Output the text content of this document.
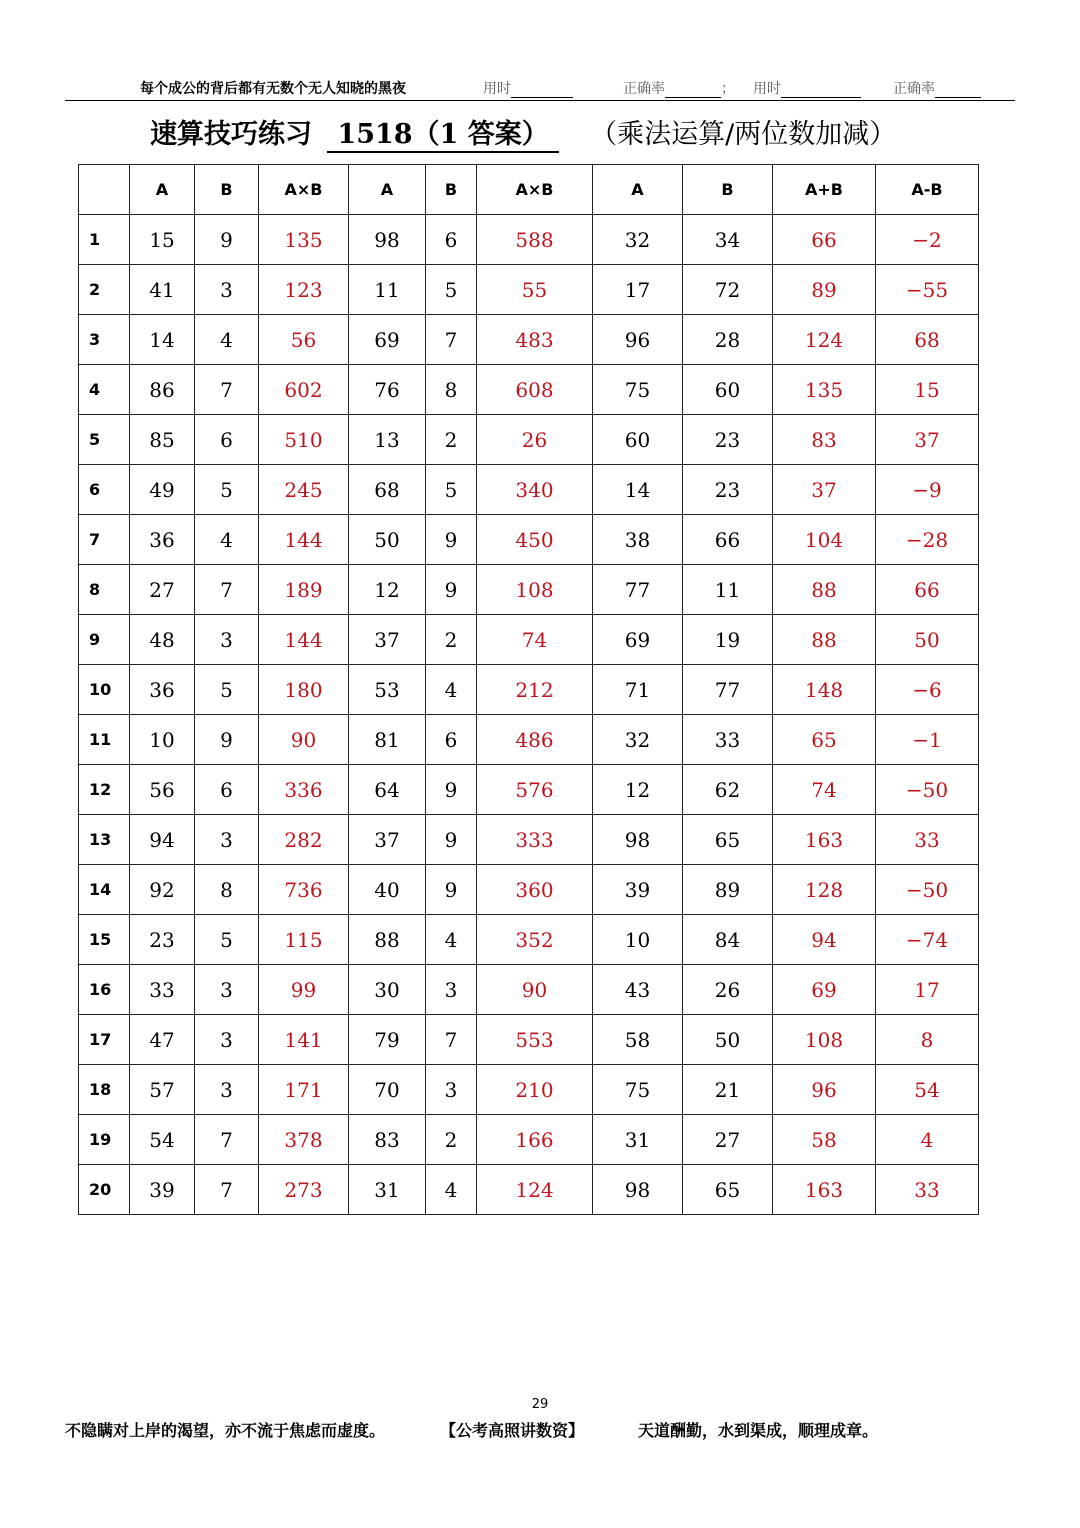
每个成公的背后都有无数个无人知晓的黑夜	用时	正确率	； 用时	正确率
速算技巧练习 1518（1 答案） （乘法运算/两位数加减）
	A	B	A×B	A	B	A×B	A	B	A+B	A-B
1	15	9	135	98	6	588	32	34	66	−2
2	41	3	123	11	5	55	17	72	89	−55
3	14	4	56	69	7	483	96	28	124	68
4	86	7	602	76	8	608	75	60	135	15
5	85	6	510	13	2	26	60	23	83	37
6	49	5	245	68	5	340	14	23	37	−9
7	36	4	144	50	9	450	38	66	104	−28
8	27	7	189	12	9	108	77	11	88	66
9	48	3	144	37	2	74	69	19	88	50
10	36	5	180	53	4	212	71	77	148	−6
11	10	9	90	81	6	486	32	33	65	−1
12	56	6	336	64	9	576	12	62	74	−50
13	94	3	282	37	9	333	98	65	163	33
14	92	8	736	40	9	360	39	89	128	−50
15	23	5	115	88	4	352	10	84	94	−74
16	33	3	99	30	3	90	43	26	69	17
17	47	3	141	79	7	553	58	50	108	8
18	57	3	171	70	3	210	75	21	96	54
19	54	7	378	83	2	166	31	27	58	4
20	39	7	273	31	4	124	98	65	163	33
29
不隐瞒对上岸的渴望，亦不流于焦虑而虚度。	【公考高照讲数资】	天道酬勤，水到渠成，顺理成章。
